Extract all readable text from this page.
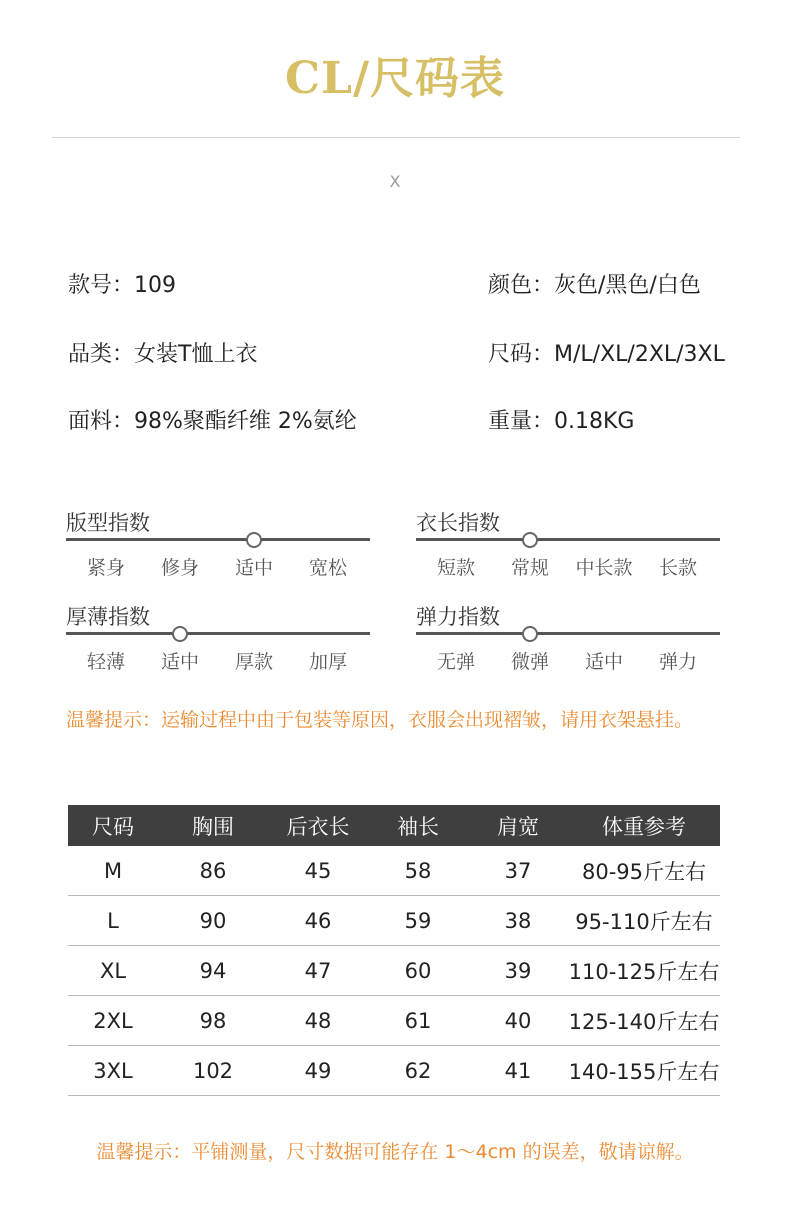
CL/尺码表
X
款号：109	颜色：灰色/黑色/白色
品类：女装T恤上衣	尺码：M/L/XL/2XL/3XL
面料：98%聚酯纤维 2%氨纶	重量：0.18KG
版型指数
紧身	修身	适中	宽松
衣长指数
短款	常规	中长款	长款
厚薄指数
轻薄	适中	厚款	加厚
弹力指数
无弹	微弹	适中	弹力
温馨提示：运输过程中由于包装等原因，衣服会出现褶皱，请用衣架悬挂。
尺码	胸围	后衣长	袖长	肩宽	体重参考
M	86	45	58	37	80-95斤左右
L	90	46	59	38	95-110斤左右
XL	94	47	60	39	110-125斤左右
2XL	98	48	61	40	125-140斤左右
3XL	102	49	62	41	140-155斤左右
温馨提示：平铺测量，尺寸数据可能存在 1～4cm 的误差，敬请谅解。
